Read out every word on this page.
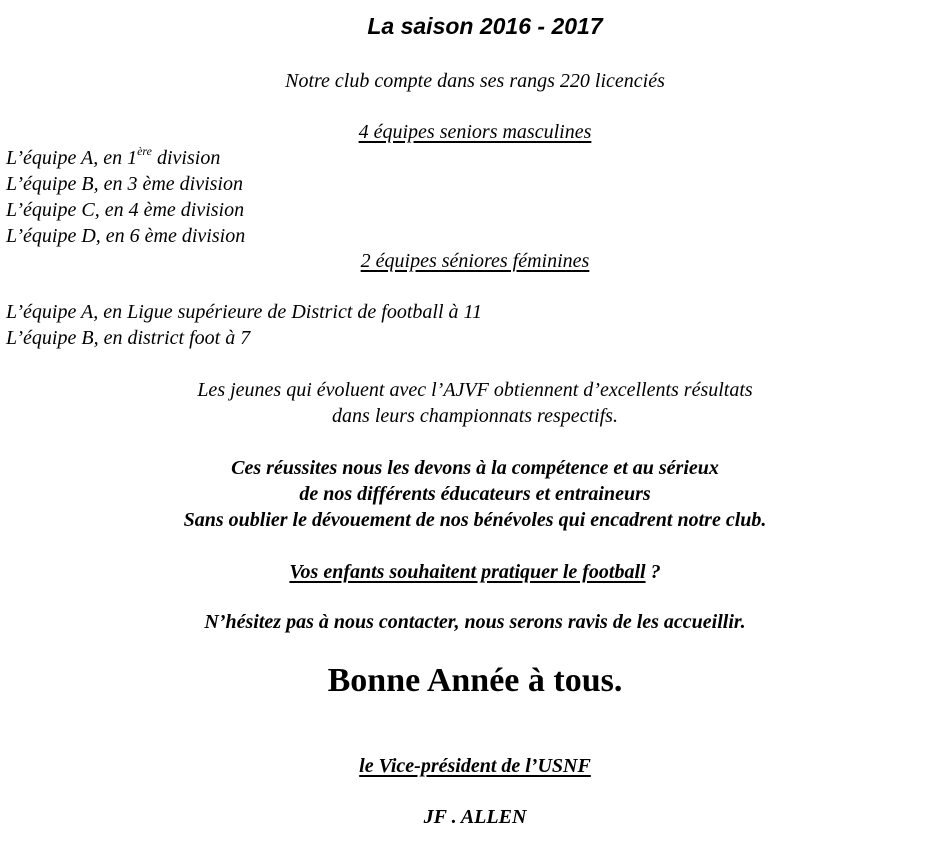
La saison 2016 - 2017
Notre club compte dans ses rangs 220 licenciés
4 équipes seniors masculines
L’équipe A, en 1ère division
L’équipe B, en 3 ème division
L’équipe C, en 4 ème division
L’équipe D, en 6 ème division
2 équipes séniores féminines
L’équipe A, en Ligue supérieure de District de football à 11
L’équipe B, en district foot à 7
Les jeunes qui évoluent avec l’AJVF obtiennent d’excellents résultats
dans leurs championnats respectifs.
Ces réussites nous les devons à la compétence et au sérieux
de nos différents éducateurs et entraineurs
Sans oublier le dévouement de nos bénévoles qui encadrent notre club.
Vos enfants souhaitent pratiquer le football ?
N’hésitez pas à nous contacter, nous serons ravis de les accueillir.
Bonne Année à tous.
le Vice-président de l’USNF
JF . ALLEN
